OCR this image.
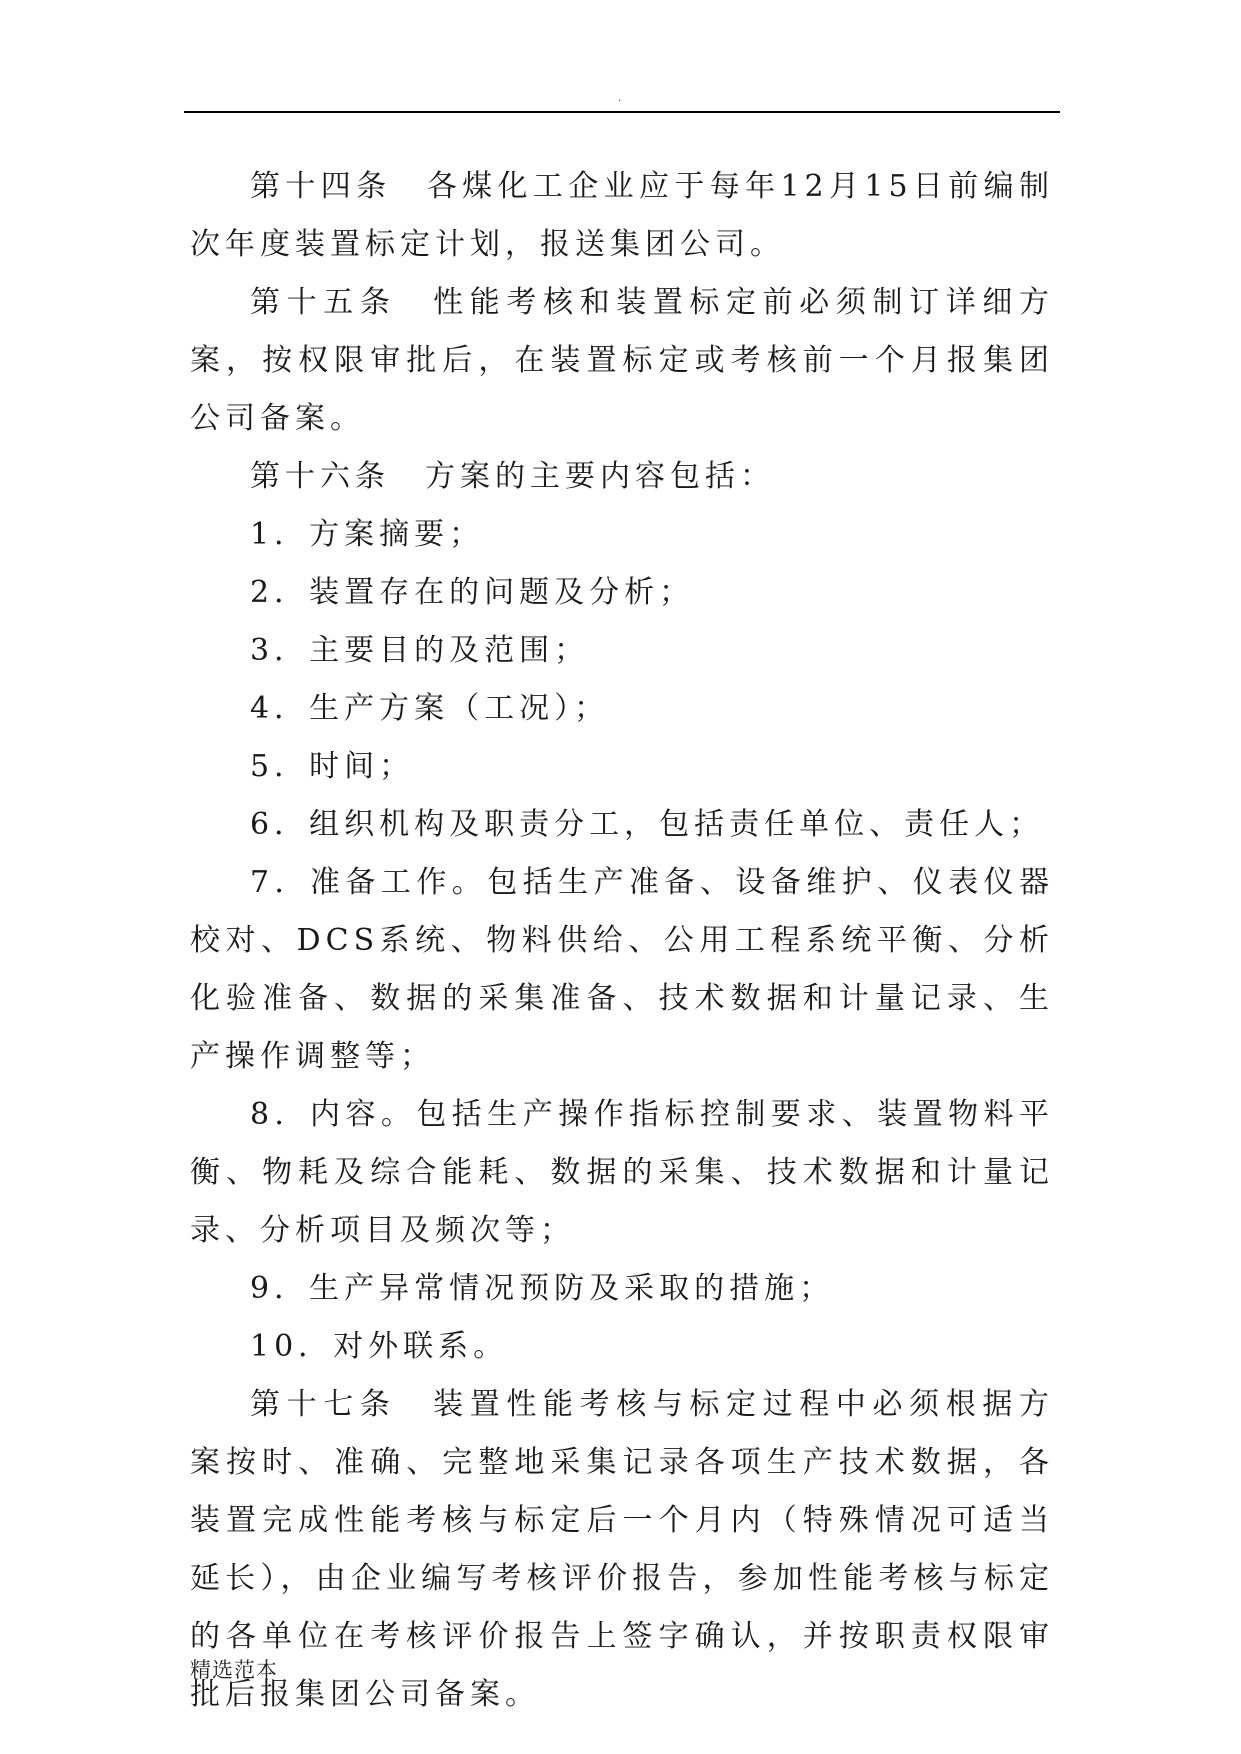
.

第十四条　各煤化工企业应于每年12月15日前编制次年度装置标定计划，报送集团公司。

第十五条　性能考核和装置标定前必须制订详细方案，按权限审批后，在装置标定或考核前一个月报集团公司备案。

第十六条　方案的主要内容包括：

1．方案摘要；

2．装置存在的问题及分析；

3．主要目的及范围；

4．生产方案（工况）；

5．时间；

6．组织机构及职责分工，包括责任单位、责任人；

7．准备工作。包括生产准备、设备维护、仪表仪器校对、DCS系统、物料供给、公用工程系统平衡、分析化验准备、数据的采集准备、技术数据和计量记录、生产操作调整等；

8．内容。包括生产操作指标控制要求、装置物料平衡、物耗及综合能耗、数据的采集、技术数据和计量记录、分析项目及频次等；

9．生产异常情况预防及采取的措施；

10．对外联系。

第十七条　装置性能考核与标定过程中必须根据方案按时、准确、完整地采集记录各项生产技术数据，各装置完成性能考核与标定后一个月内（特殊情况可适当延长），由企业编写考核评价报告，参加性能考核与标定的各单位在考核评价报告上签字确认，并按职责权限审批后报集团公司备案。

精选范本
